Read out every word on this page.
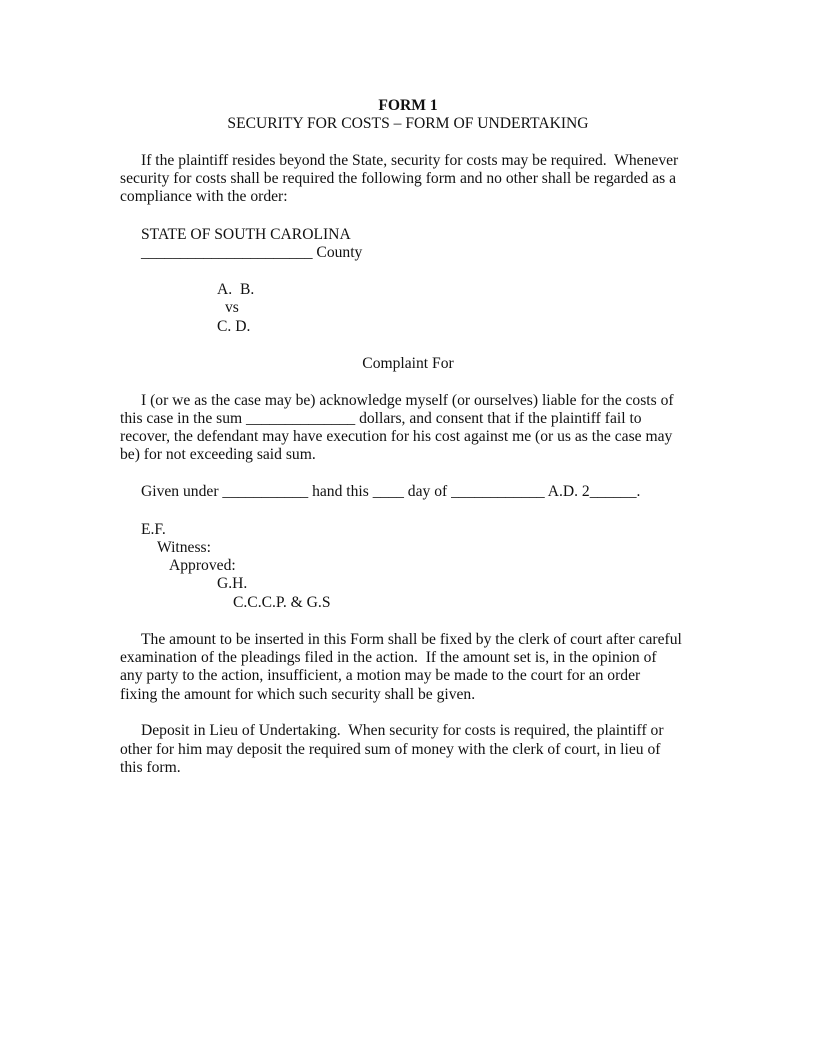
FORM 1
SECURITY FOR COSTS – FORM OF UNDERTAKING
If the plaintiff resides beyond the State, security for costs may be required.  Whenever
security for costs shall be required the following form and no other shall be regarded as a
compliance with the order:
STATE OF SOUTH CAROLINA
______________________ County
A.  B.
vs
C. D.
Complaint For
I (or we as the case may be) acknowledge myself (or ourselves) liable for the costs of
this case in the sum ______________ dollars, and consent that if the plaintiff fail to
recover, the defendant may have execution for his cost against me (or us as the case may
be) for not exceeding said sum.
Given under ___________ hand this ____ day of ____________ A.D. 2______.
E.F.
Witness:
Approved:
G.H.
C.C.C.P. & G.S
The amount to be inserted in this Form shall be fixed by the clerk of court after careful
examination of the pleadings filed in the action.  If the amount set is, in the opinion of
any party to the action, insufficient, a motion may be made to the court for an order
fixing the amount for which such security shall be given.
Deposit in Lieu of Undertaking.  When security for costs is required, the plaintiff or
other for him may deposit the required sum of money with the clerk of court, in lieu of
this form.
